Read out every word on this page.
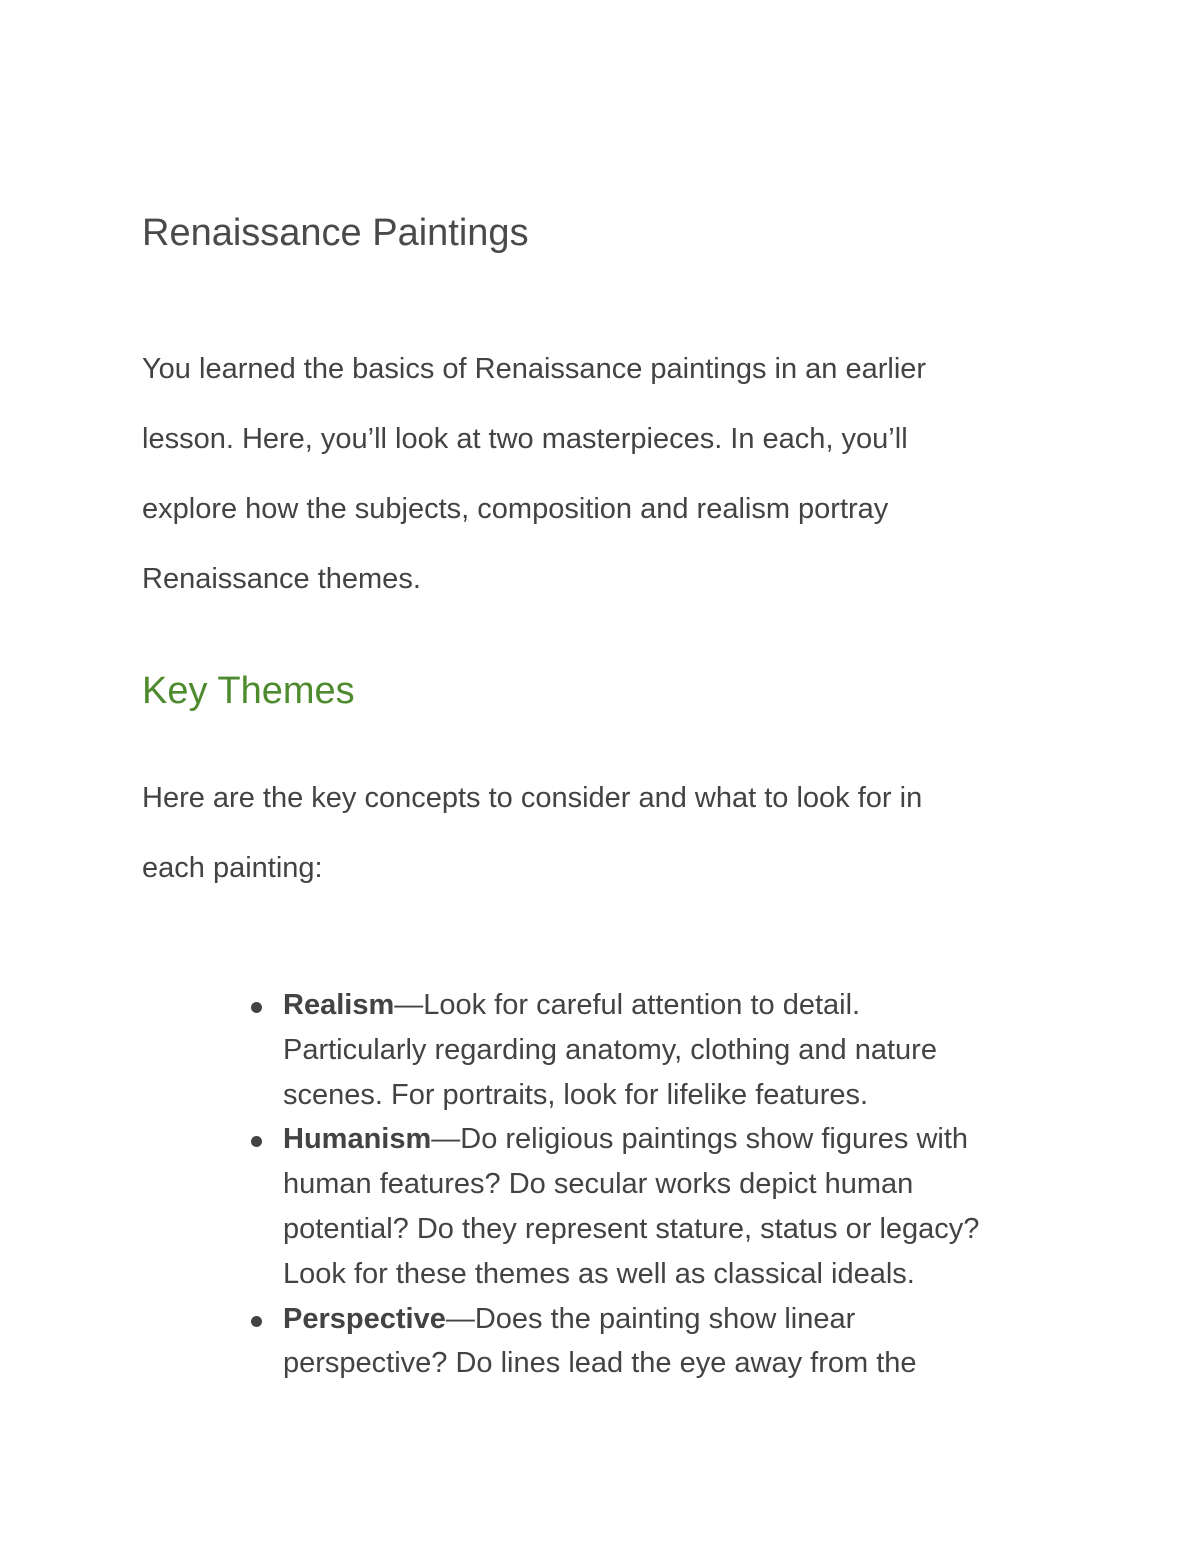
Renaissance Paintings

You learned the basics of Renaissance paintings in an earlier
lesson. Here, you’ll look at two masterpieces. In each, you’ll
explore how the subjects, composition and realism portray
Renaissance themes.

Key Themes

Here are the key concepts to consider and what to look for in
each painting:

Realism—Look for careful attention to detail.
Particularly regarding anatomy, clothing and nature
scenes. For portraits, look for lifelike features.
Humanism—Do religious paintings show figures with
human features? Do secular works depict human
potential? Do they represent stature, status or legacy?
Look for these themes as well as classical ideals.
Perspective—Does the painting show linear
perspective? Do lines lead the eye away from the
